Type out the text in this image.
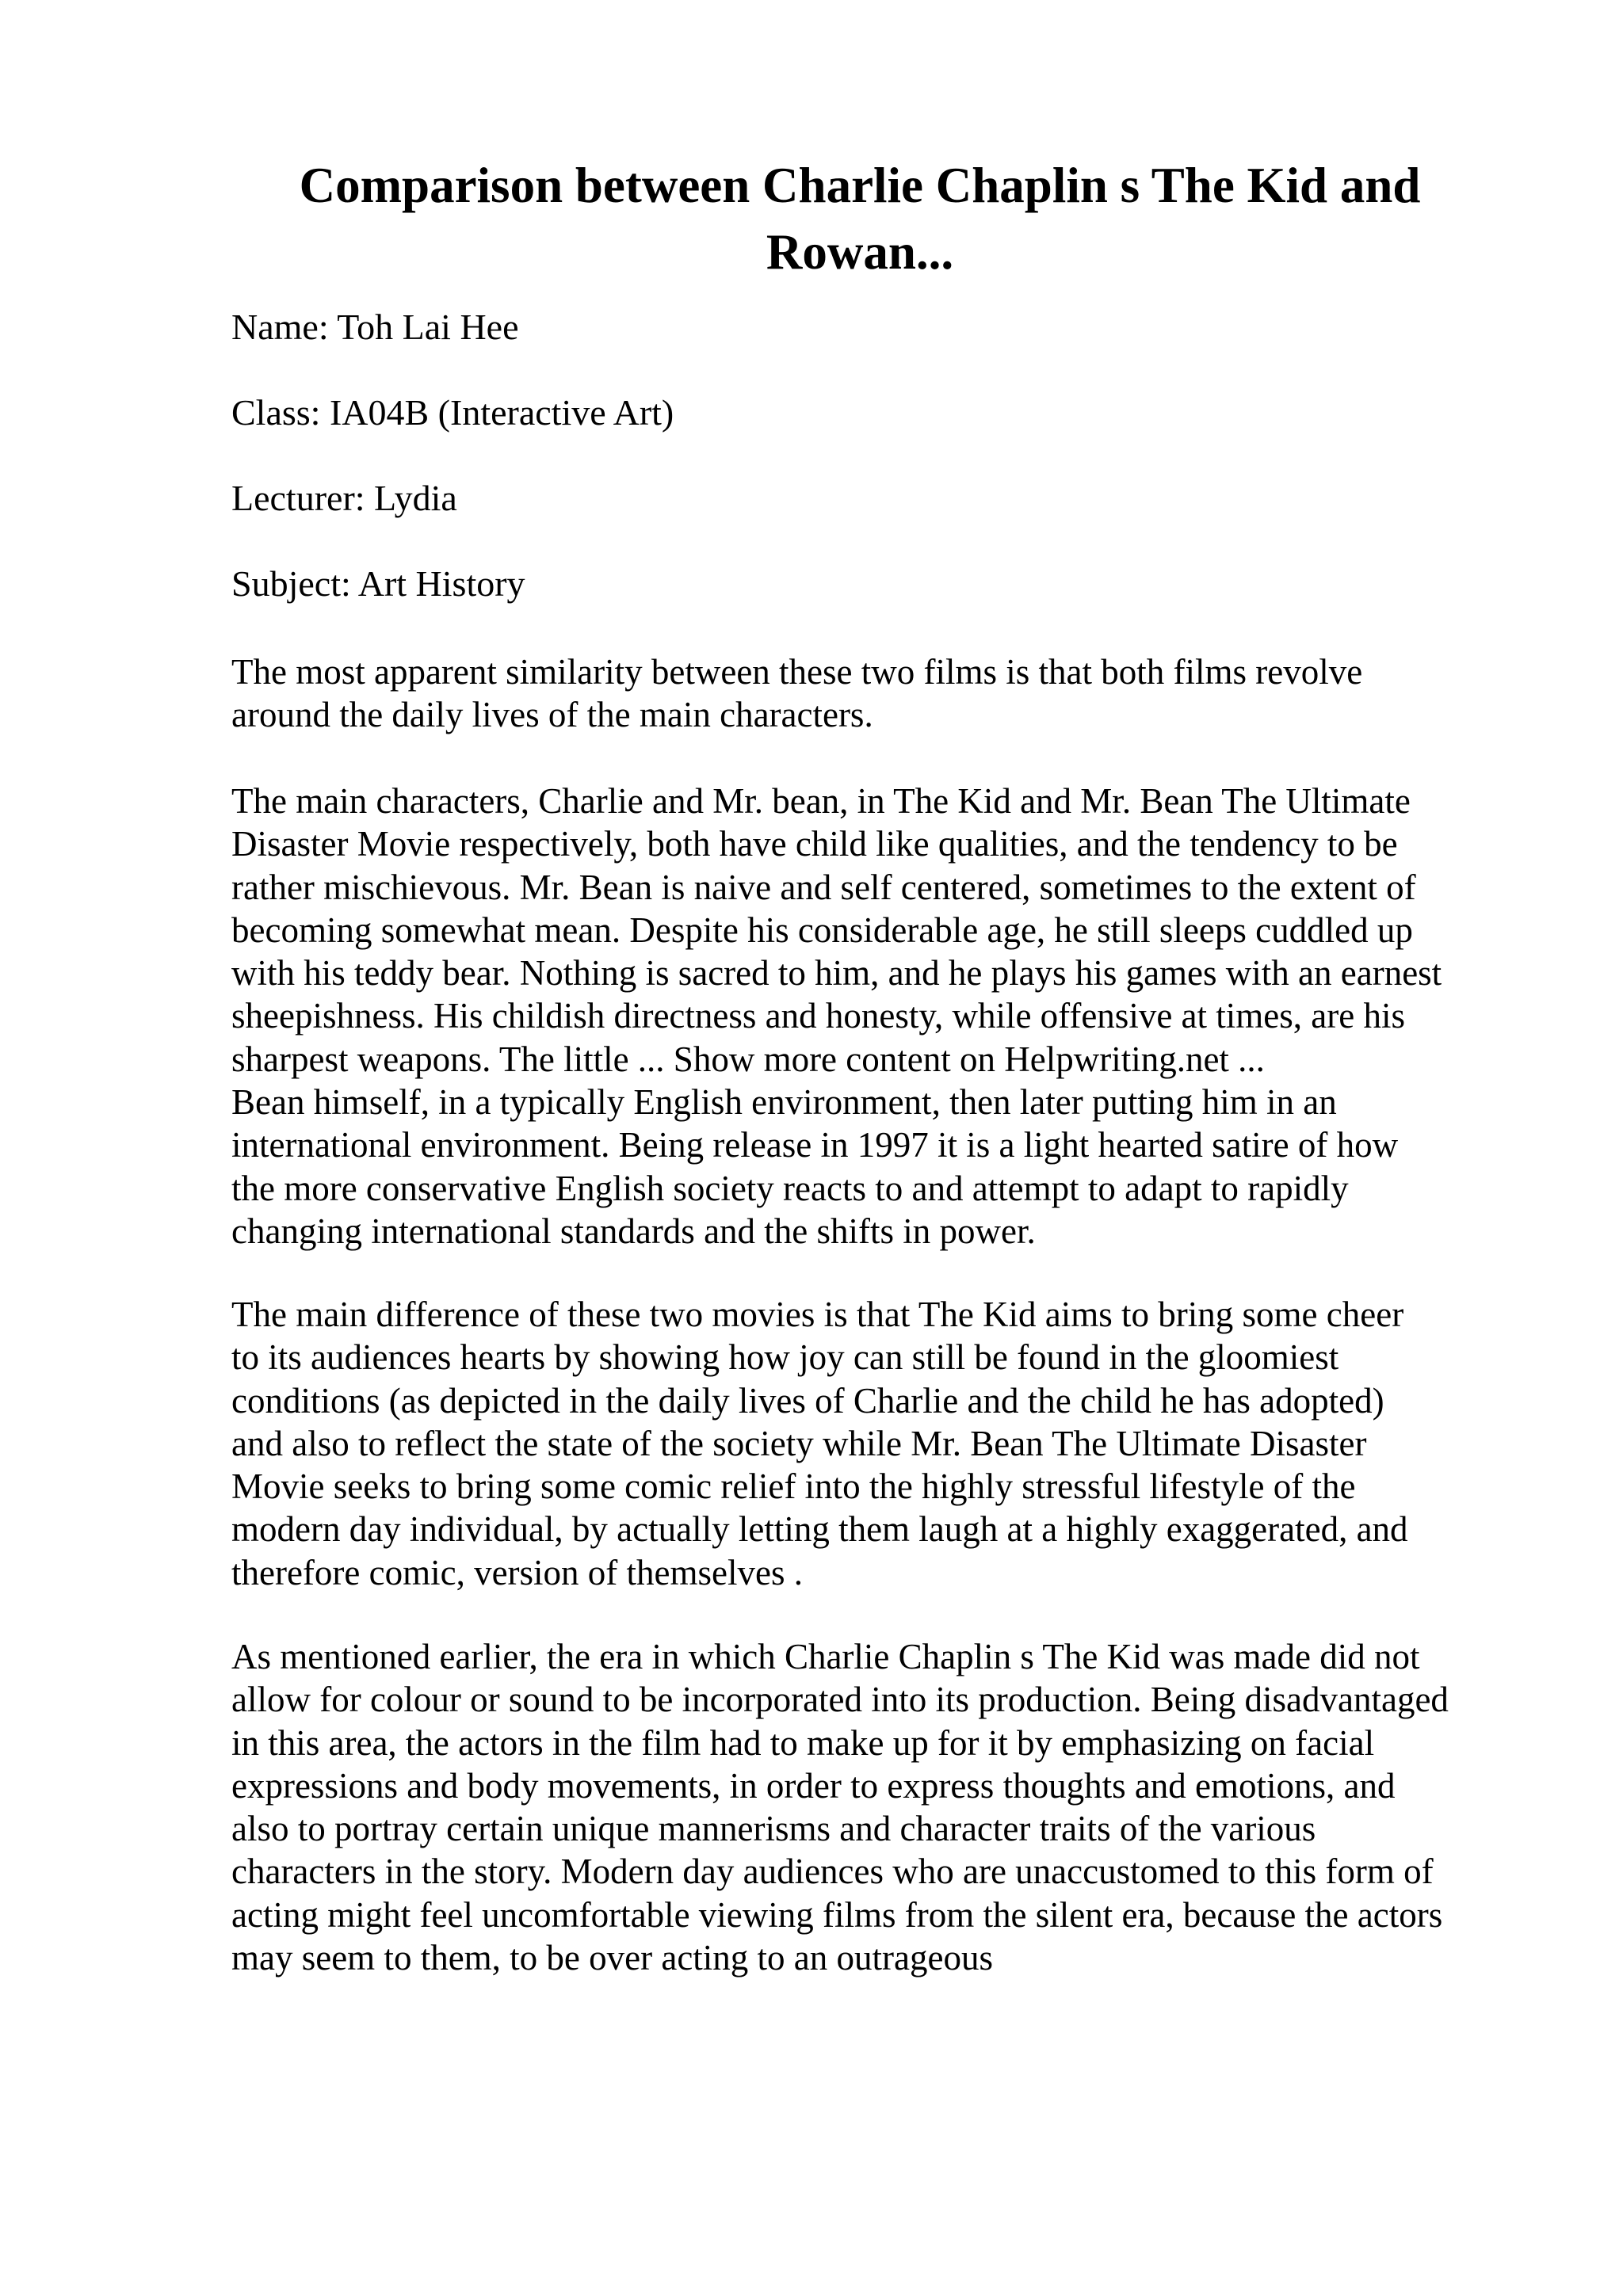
Comparison between Charlie Chaplin s The Kid and
Rowan...

Name: Toh Lai Hee

Class: IA04B (Interactive Art)

Lecturer: Lydia

Subject: Art History

The most apparent similarity between these two films is that both films revolve
around the daily lives of the main characters.

The main characters, Charlie and Mr. bean, in The Kid and Mr. Bean The Ultimate
Disaster Movie respectively, both have child like qualities, and the tendency to be
rather mischievous. Mr. Bean is naive and self centered, sometimes to the extent of
becoming somewhat mean. Despite his considerable age, he still sleeps cuddled up
with his teddy bear. Nothing is sacred to him, and he plays his games with an earnest
sheepishness. His childish directness and honesty, while offensive at times, are his
sharpest weapons. The little ... Show more content on Helpwriting.net ...
Bean himself, in a typically English environment, then later putting him in an
international environment. Being release in 1997 it is a light hearted satire of how
the more conservative English society reacts to and attempt to adapt to rapidly
changing international standards and the shifts in power.

The main difference of these two movies is that The Kid aims to bring some cheer
to its audiences hearts by showing how joy can still be found in the gloomiest
conditions (as depicted in the daily lives of Charlie and the child he has adopted)
and also to reflect the state of the society while Mr. Bean The Ultimate Disaster
Movie seeks to bring some comic relief into the highly stressful lifestyle of the
modern day individual, by actually letting them laugh at a highly exaggerated, and
therefore comic, version of themselves .

As mentioned earlier, the era in which Charlie Chaplin s The Kid was made did not
allow for colour or sound to be incorporated into its production. Being disadvantaged
in this area, the actors in the film had to make up for it by emphasizing on facial
expressions and body movements, in order to express thoughts and emotions, and
also to portray certain unique mannerisms and character traits of the various
characters in the story. Modern day audiences who are unaccustomed to this form of
acting might feel uncomfortable viewing films from the silent era, because the actors
may seem to them, to be over acting to an outrageous
